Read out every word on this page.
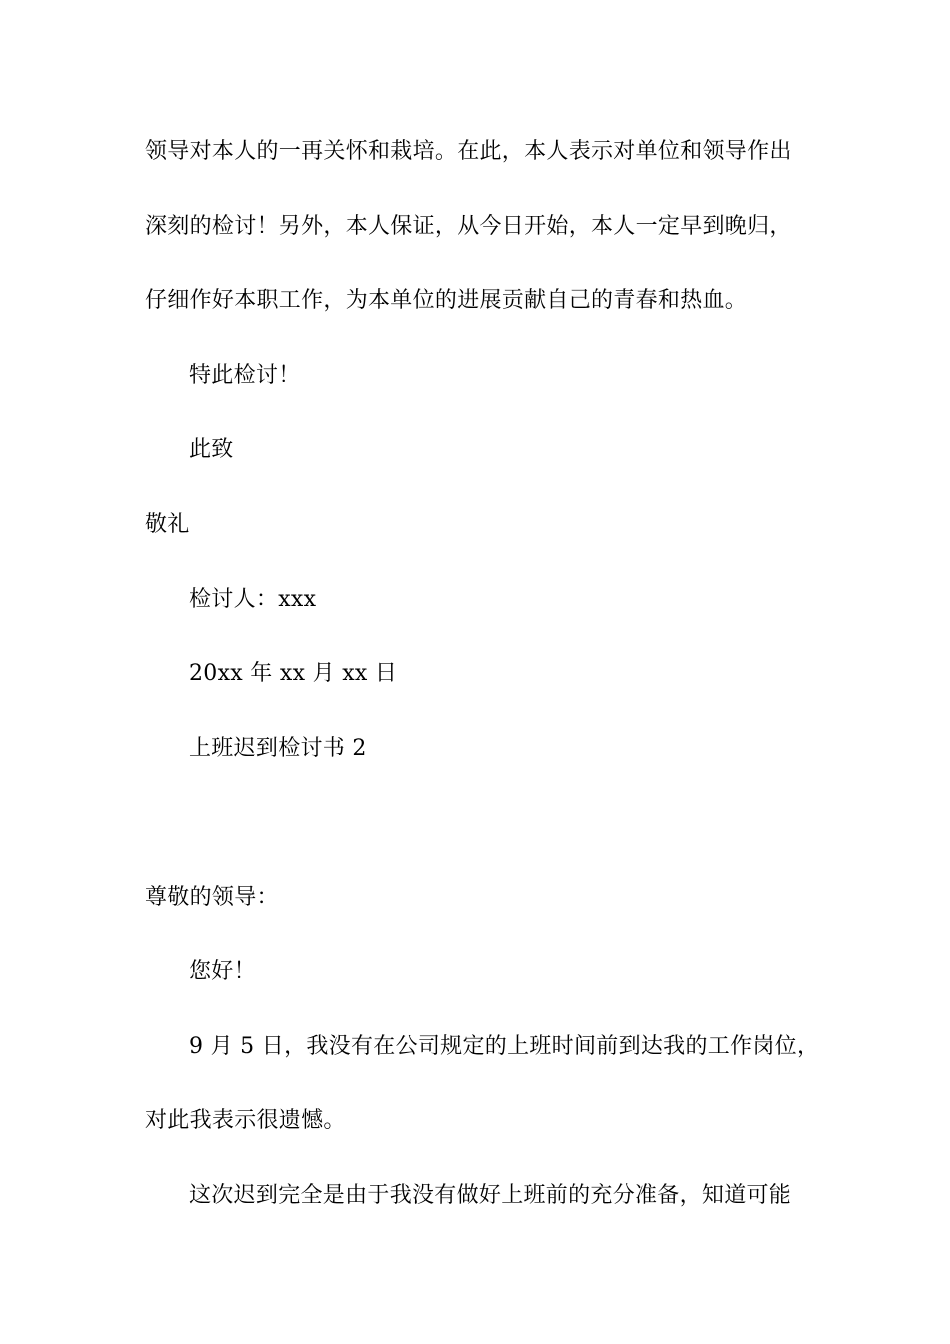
领导对本人的一再关怀和栽培。在此，本人表示对单位和领导作出
深刻的检讨！另外，本人保证，从今日开始，本人一定早到晚归，
仔细作好本职工作，为本单位的进展贡献自己的青春和热血。
特此检讨！
此致
敬礼
检讨人：xxx
20xx 年 xx 月 xx 日
上班迟到检讨书 2
尊敬的领导：
您好！
9 月 5 日，我没有在公司规定的上班时间前到达我的工作岗位，
对此我表示很遗憾。
这次迟到完全是由于我没有做好上班前的充分准备，知道可能
